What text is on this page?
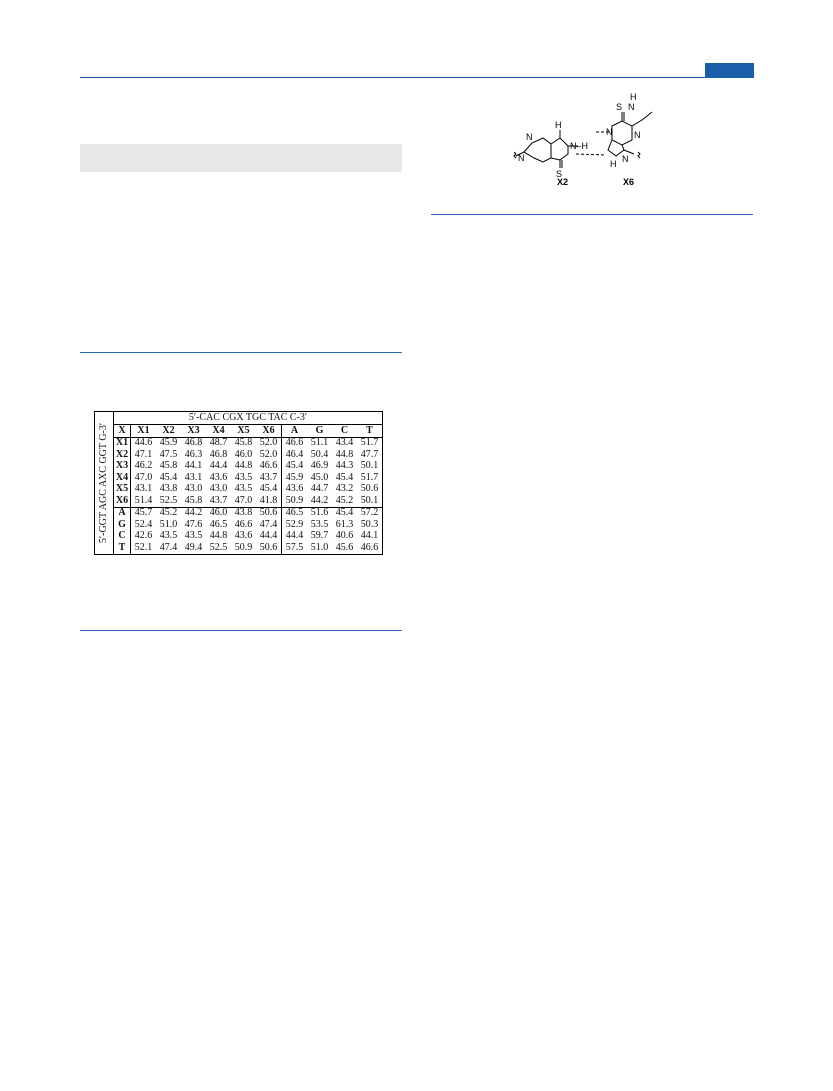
N
N
H
N–H
S
N
H
S
H
N
N
N
X2	X6
5′-GGT AGC AXC GGT G-3′	5′-CAC CGX TGC TAC C-3′										
	X	X1	X2	X3	X4	X5	X6	A	G	C	T
	X1	44.6	45.9	46.8	48.7	45.8	52.0	46.6	51.1	43.4	51.7
	X2	47.1	47.5	46.3	46.8	46.0	52.0	46.4	50.4	44.8	47.7
	X3	46.2	45.8	44.1	44.4	44.8	46.6	45.4	46.9	44.3	50.1
	X4	47.0	45.4	43.1	43.6	43.5	43.7	45.9	45.0	45.4	51.7
	X5	43.1	43.8	43.0	43.0	43.5	45.4	43.6	44.7	43.2	50.6
	X6	51.4	52.5	45.8	43.7	47.0	41.8	50.9	44.2	45.2	50.1
	A	45.7	45.2	44.2	46.0	43.8	50.6	46.5	51.6	45.4	57.2
	G	52.4	51.0	47.6	46.5	46.6	47.4	52.9	53.5	61.3	50.3
	C	42.6	43.5	43.5	44.8	43.6	44.4	44.4	59.7	40.6	44.1
	T	52.1	47.4	49.4	52.5	50.9	50.6	57.5	51.0	45.6	46.6
